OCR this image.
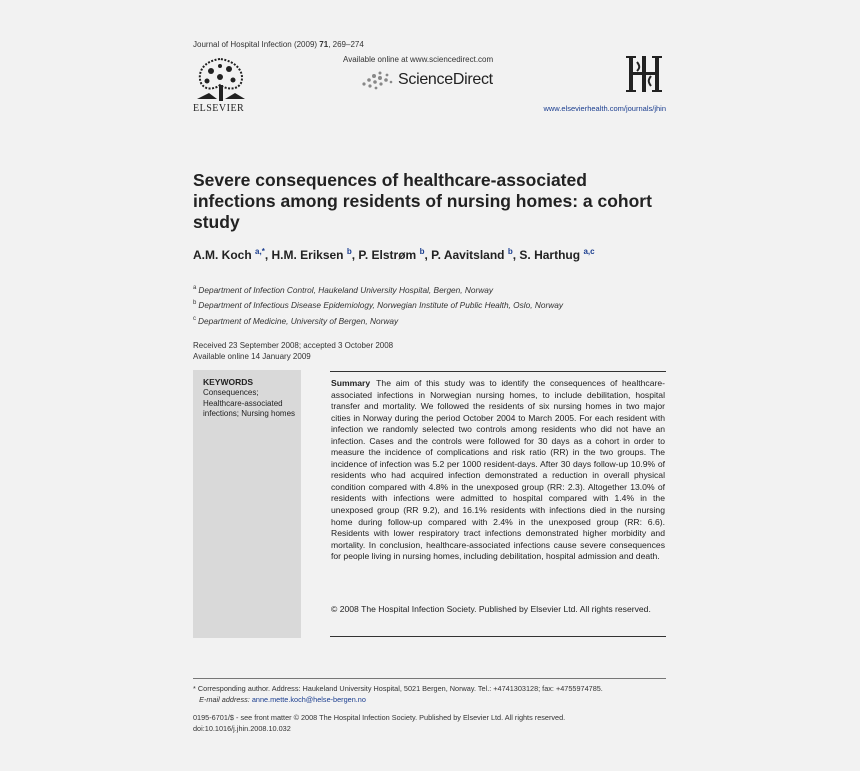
Journal of Hospital Infection (2009) 71, 269–274
ELSEVIER
Available online at www.sciencedirect.com
ScienceDirect
www.elsevierhealth.com/journals/jhin
Severe consequences of healthcare-associated infections among residents of nursing homes: a cohort study
A.M. Koch $^{a,*}$, H.M. Eriksen $^b$, P. Elstrøm $^b$, P. Aavitsland $^b$, S. Harthug $^{a,c}$
$^a$ Department of Infection Control, Haukeland University Hospital, Bergen, Norway
$^b$ Department of Infectious Disease Epidemiology, Norwegian Institute of Public Health, Oslo, Norway
$^c$ Department of Medicine, University of Bergen, Norway
Received 23 September 2008; accepted 3 October 2008
Available online 14 January 2009
KEYWORDS
Consequences; Healthcare-associated infections; Nursing homes
Summary The aim of this study was to identify the consequences of healthcare-associated infections in Norwegian nursing homes, to include debilitation, hospital transfer and mortality. We followed the residents of six nursing homes in two major cities in Norway during the period October 2004 to March 2005. For each resident with infection we randomly selected two controls among residents who did not have an infection. Cases and the controls were followed for 30 days as a cohort in order to measure the incidence of complications and risk ratio (RR) in the two groups. The incidence of infection was 5.2 per 1000 resident-days. After 30 days follow-up 10.9% of residents who had acquired infection demonstrated a reduction in overall physical condition compared with 4.8% in the unexposed group (RR: 2.3). Altogether 13.0% of residents with infections were admitted to hospital compared with 1.4% in the unexposed group (RR 9.2), and 16.1% residents with infections died in the nursing home during follow-up compared with 2.4% in the unexposed group (RR: 6.6). Residents with lower respiratory tract infections demonstrated higher morbidity and mortality. In conclusion, healthcare-associated infections cause severe consequences for people living in nursing homes, including debilitation, hospital admission and death.
© 2008 The Hospital Infection Society. Published by Elsevier Ltd. All rights reserved.
* Corresponding author. Address: Haukeland University Hospital, 5021 Bergen, Norway. Tel.: +4741303128; fax: +4755974785.
E-mail address: anne.mette.koch@helse-bergen.no
0195-6701/$ - see front matter © 2008 The Hospital Infection Society. Published by Elsevier Ltd. All rights reserved.
doi:10.1016/j.jhin.2008.10.032
